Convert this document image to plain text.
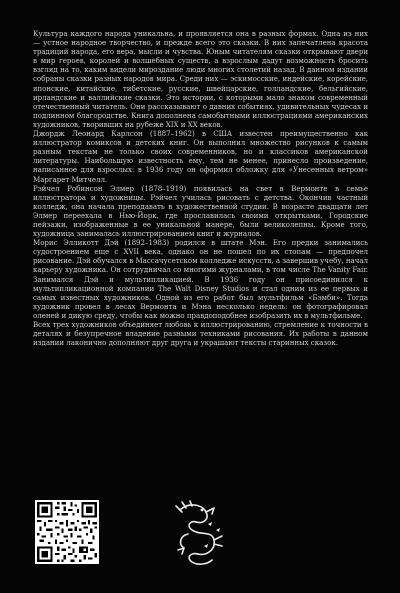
Культура каждого народа уникальна, и проявляется она в разных формах. Одна из них — устное народное творчество, и прежде всего это сказки. В них запечатлена красота традиций народа, его вера, мысли и чувства. Юным читателям сказки открывают двери в мир героев, королей и волшебных существ, а взрослым дадут возможность бросить взгляд на то, каким видели мироздание люди многих столетий назад. В данном издании собраны сказки разных народов мира. Среди них — эскимосские, индейские, корейские, японские, китайские, тибетские, русские, швейцарские, голландские, бельгийские, ирландские и валлийские сказки. Это истории, с которыми мало знаком современный отечественный читатель. Они рассказывают о давних событиях, удивительных чудесах и подлинном благородстве. Книга дополнена самобытными иллюстрациями американских художников, творивших на рубеже XIX и XX веков.

Джордж Леонард Карлсон (1887–1962) в США известен преимущественно как иллюстратор комиксов и детских книг. Он выполнил множество рисунков к самым разным текстам не только своих современников, но и классиков американской литературы. Наибольшую известность ему, тем не менее, принесло произведение, написанное для взрослых: в 1936 году он оформил обложку для «Унесенных ветром» Маргарет Митчелл.

Рэйчел Робинсон Элмер (1878–1919) появилась на свет в Вермонте в семье иллюстратора и художницы. Рэйчел училась рисовать с детства. Окончив частный колледж, она начала преподавать в художественной студии. В возрасте двадцати лет Элмер переехала в Нью-Йорк, где прославилась своими открытками. Городские пейзажи, изображенные в ее уникальной манере, были великолепны. Кроме того, художница занималась иллюстрированием книг и журналов.

Морис Элликотт Дэй (1892–1983) родился в штате Мэн. Его предки занимались судостроением еще с XVII века, однако он не пошел по их стопам — предпочел рисование. Дэй обучался в Массачусетском колледже искусств, а завершив учебу, начал карьеру художника. Он сотрудничал со многими журналами, в том числе The Vanity Fair. Занимался Дэй и мультипликацией. В 1936 году он присоединился к мультипликационной компании The Walt Disney Studios и стал одним из ее первых и самых известных художников. Одной из его работ был мультфильм «Бэмби». Тогда художник провел в лесах Вермонта и Мэна несколько недель: он фотографировал оленей и дикую среду, чтобы как можно правдоподобнее изобразить их в мультфильме.

Всех трех художников объединяет любовь к иллюстрированию, стремление к точности в деталях и безупречное владение разными техниками рисования. Их работы в данном издании лаконично дополняют друг друга и украшают тексты старинных сказок.
